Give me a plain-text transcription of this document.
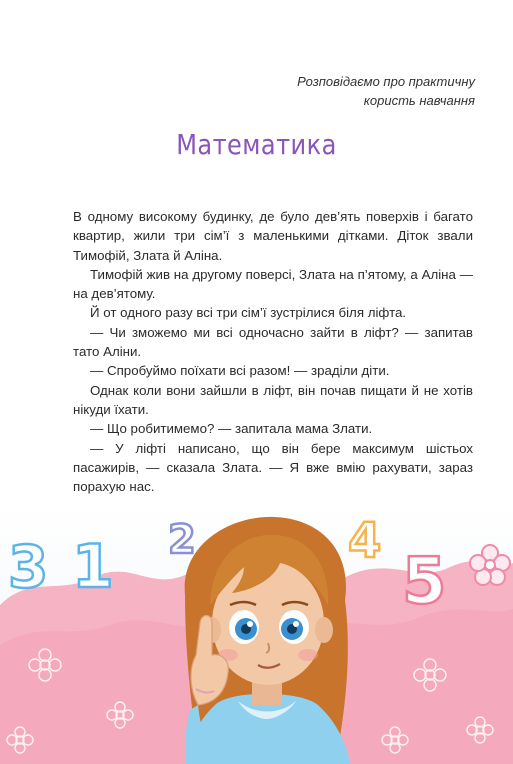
Розповідаємо про практичну
користь навчання
Математика

В одному високому будинку, де було дев’ять поверхів і багато квартир, жили три сім’ї з маленькими дітками. Діток звали Тимофій, Злата й Аліна.

Тимофій жив на другому поверсі, Злата на п’ятому, а Аліна — на дев’ятому.

Й от одного разу всі три сім’ї зустрілися біля ліфта.

— Чи зможемо ми всі одночасно зайти в ліфт? — запитав тато Аліни.

— Спробуймо поїхати всі разом! — зраділи діти.

Однак коли вони зайшли в ліфт, він почав пищати й не хотів нікуди їхати.

— Що робитимемо? — запитала мама Злати.

— У ліфті написано, що він бере максимум шістьох пасажирів, — сказала Злата. — Я вже вмію рахувати, зараз порахую нас.

3 1 2	4
5
